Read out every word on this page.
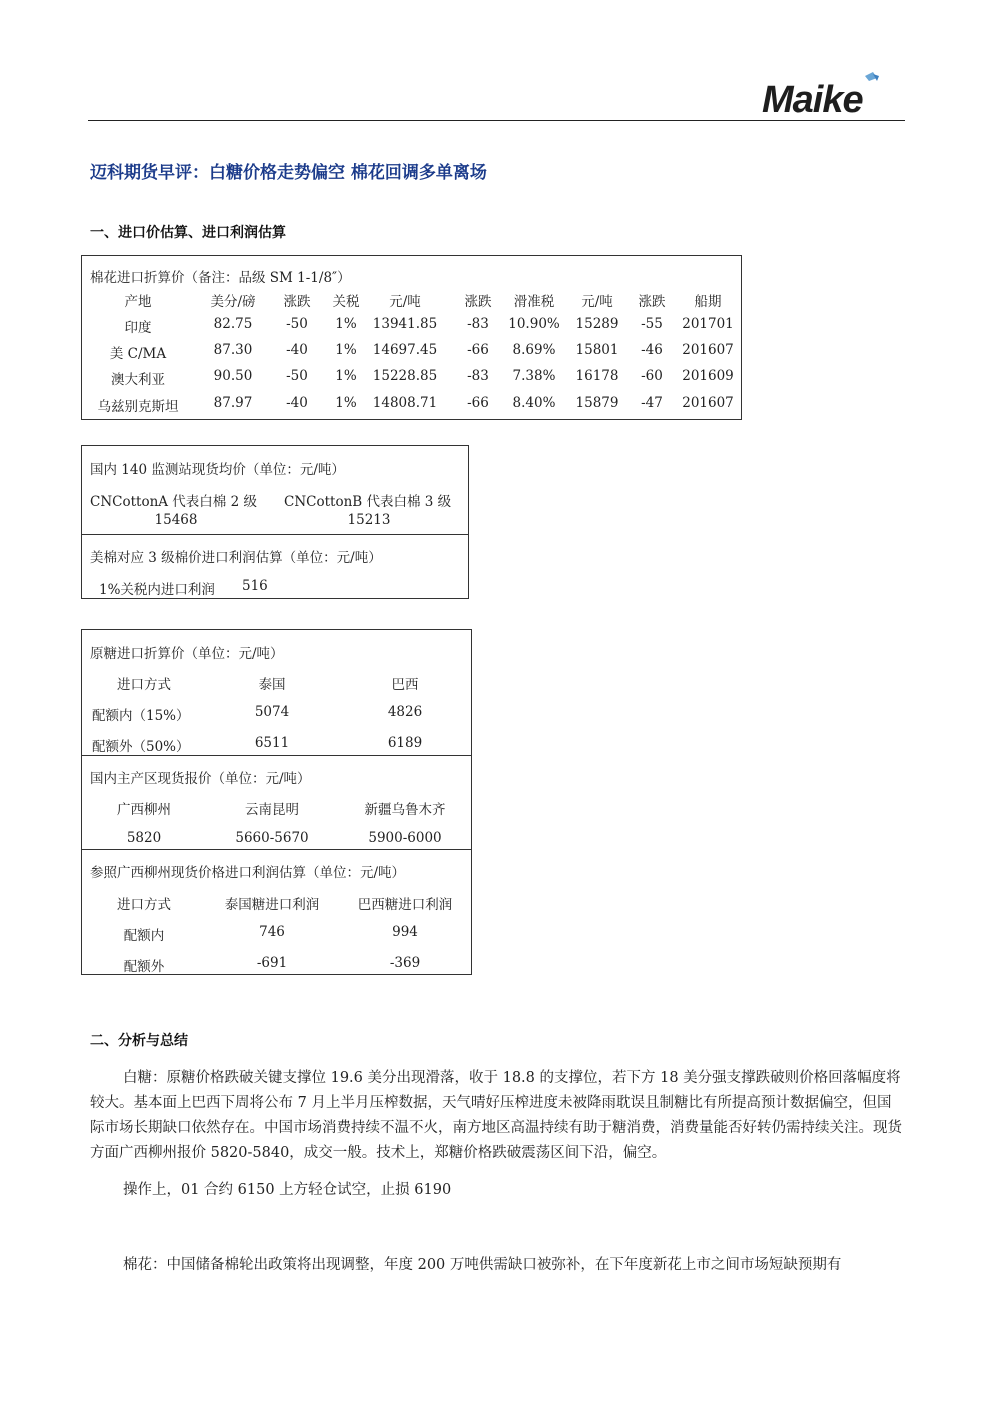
Maike
迈科期货早评：白糖价格走势偏空 棉花回调多单离场
一、进口价估算、进口利润估算
棉花进口折算价（备注：品级 SM 1-1/8″）
产地	美分/磅 涨跌 关税 元/吨	涨跌 滑准税 元/吨 涨跌 船期
印度	82.75	-50 1% 13941.85 -83 10.90% 15289 -55 201701
美 C/MA	87.30	-40 1% 14697.45 -66 8.69% 15801 -46 201607
澳大利亚	90.50	-50 1% 15228.85 -83 7.38% 16178 -60 201609
乌兹别克斯坦	87.97	-40 1% 14808.71 -66 8.40% 15879 -47 201607
国内 140 监测站现货均价（单位：元/吨）
CNCottonA 代表白棉 2 级
15468
CNCottonB 代表白棉 3 级
15213
美棉对应 3 级棉价进口利润估算（单位：元/吨）
1%关税内进口利润 516
原糖进口折算价（单位：元/吨）
进口方式	泰国	巴西
配额内（15%）	5074	4826
配额外（50%）	6511	6189
国内主产区现货报价（单位：元/吨）
广西柳州	云南昆明	新疆乌鲁木齐
5820	5660-5670	5900-6000
参照广西柳州现货价格进口利润估算（单位：元/吨）
进口方式	泰国糖进口利润	巴西糖进口利润
配额内	746	994
配额外	-691	-369
二、分析与总结
白糖：原糖价格跌破关键支撑位 19.6 美分出现滑落，收于 18.8 的支撑位，若下方 18 美分强支撑跌破则价格回落幅度将较大。基本面上巴西下周将公布 7 月上半月压榨数据，天气晴好压榨进度未被降雨耽误且制糖比有所提高预计数据偏空，但国际市场长期缺口依然存在。中国市场消费持续不温不火，南方地区高温持续有助于糖消费，消费量能否好转仍需持续关注。现货方面广西柳州报价 5820-5840，成交一般。技术上，郑糖价格跌破震荡区间下沿，偏空。
操作上，01 合约 6150 上方轻仓试空，止损 6190
棉花：中国储备棉轮出政策将出现调整，年度 200 万吨供需缺口被弥补，在下年度新花上市之间市场短缺预期有
